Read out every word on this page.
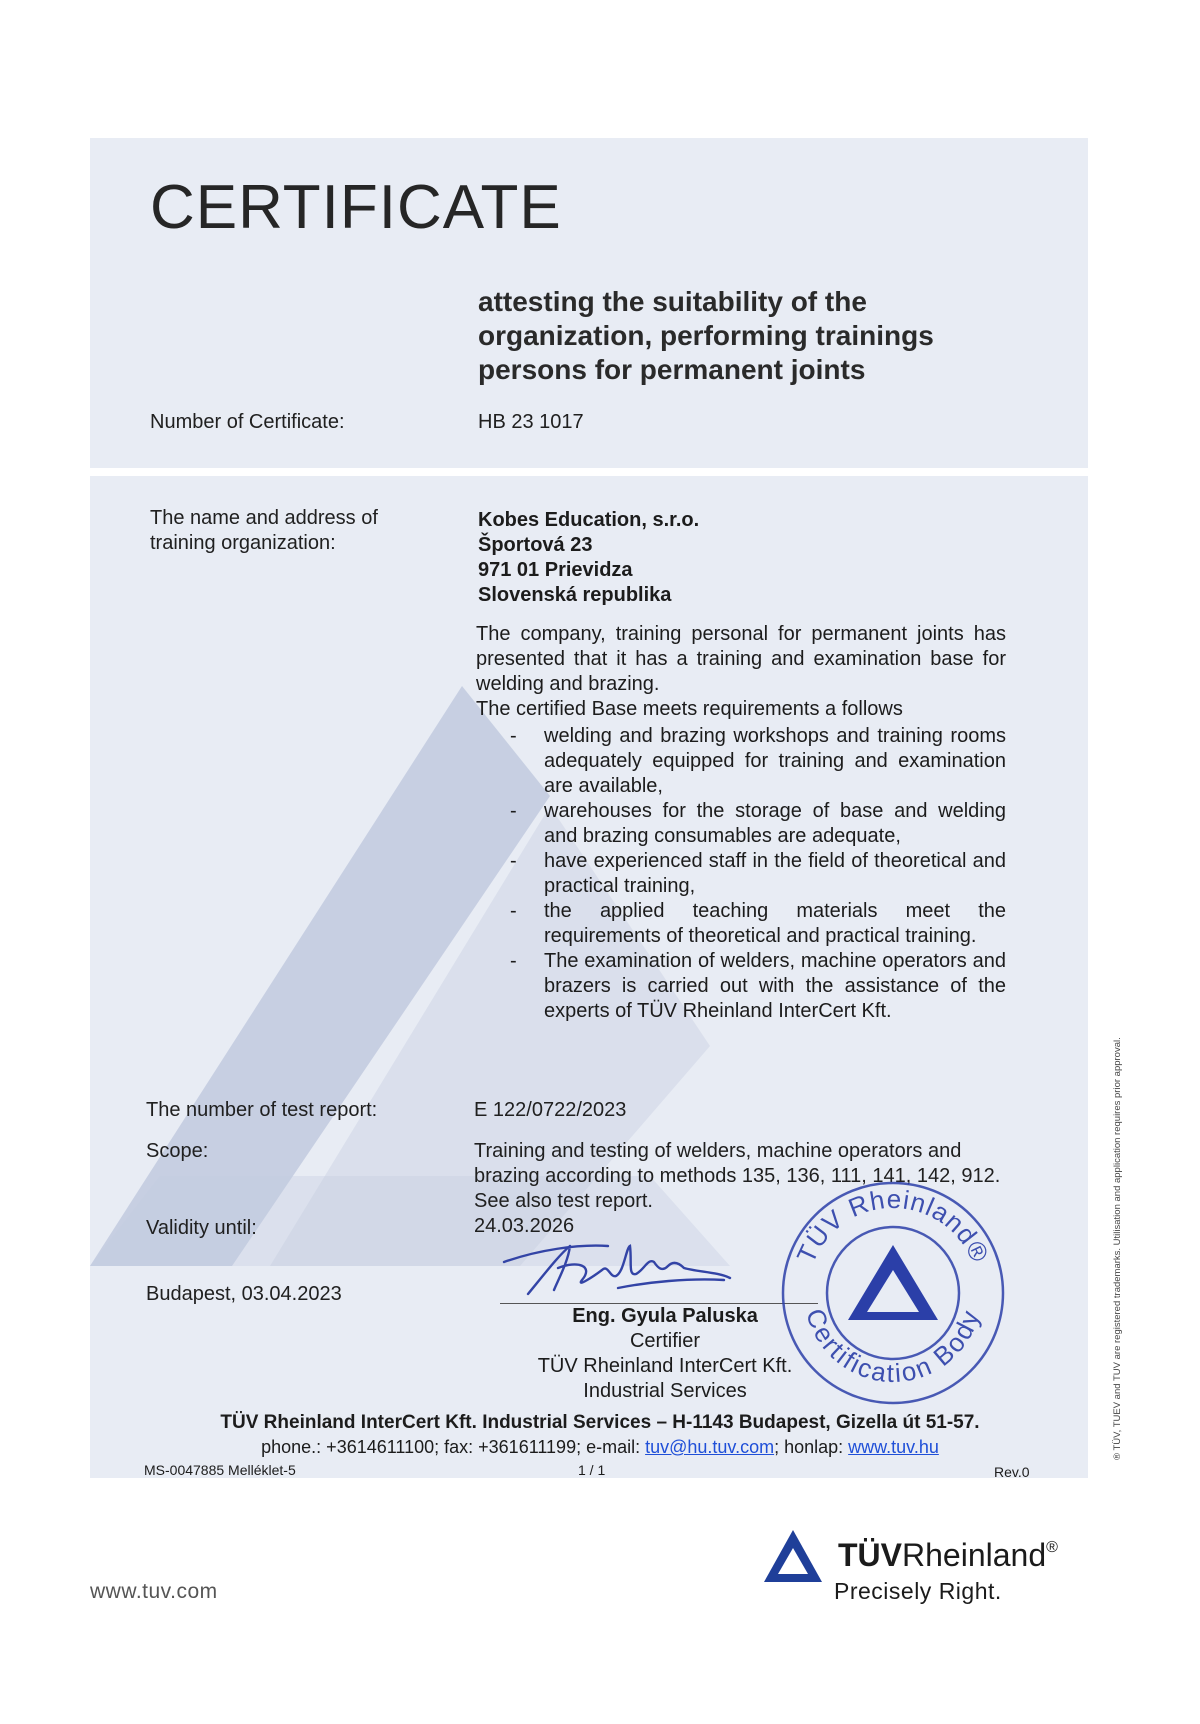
CERTIFICATE
attesting the suitability of the
organization, performing trainings
persons for permanent joints
Number of Certificate:	HB 23 1017
The name and address of
training organization:
Kobes Education, s.r.o.
Športová 23
971 01 Prievidza
Slovenská republika
The company, training personal for permanent joints has presented that it has a training and examination base for welding and brazing.
The certified Base meets requirements a follows
- welding and brazing workshops and training rooms adequately equipped for training and examination are available,
- warehouses for the storage of base and welding and brazing consumables are adequate,
- have experienced staff in the field of theoretical and practical training,
- the applied teaching materials meet the requirements of theoretical and practical training.
- The examination of welders, machine operators and brazers is carried out with the assistance of the experts of TÜV Rheinland InterCert Kft.
The number of test report:	E 122/0722/2023
Scope:	Training and testing of welders, machine operators and brazing according to methods 135, 136, 111, 141, 142, 912. See also test report.
Validity until:	24.03.2026
Budapest, 03.04.2023
Eng. Gyula Paluska
Certifier
TÜV Rheinland InterCert Kft.
Industrial Services
TÜV Rheinland®
Certification Body
TÜV Rheinland InterCert Kft. Industrial Services – H-1143 Budapest, Gizella út 51-57.
phone.: +3614611100; fax: +361611199; e-mail: tuv@hu.tuv.com; honlap: www.tuv.hu
MS-0047885 Melléklet-5	1 / 1	Rev.0
www.tuv.com
TÜVRheinland®
Precisely Right.
® TÜV, TUEV and TUV are registered trademarks. Utilisation and application requires prior approval.
